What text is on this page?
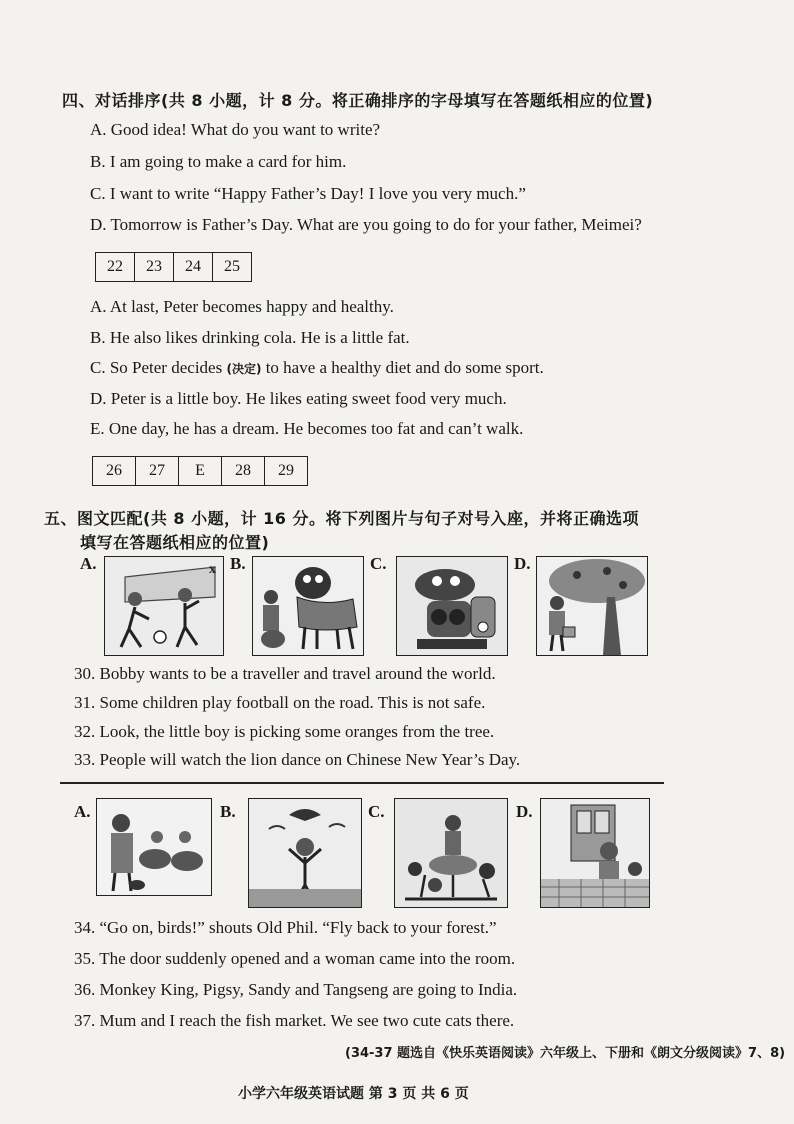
四、对话排序(共 8 小题，计 8 分。将正确排序的字母填写在答题纸相应的位置)
A. Good idea! What do you want to write?
B. I am going to make a card for him.
C. I want to write “Happy Father’s Day! I love you very much.”
D. Tomorrow is Father’s Day. What are you going to do for your father, Meimei?
22	23	24	25
A. At last, Peter becomes happy and healthy.
B. He also likes drinking cola. He is a little fat.
C. So Peter decides (决定) to have a healthy diet and do some sport.
D. Peter is a little boy. He likes eating sweet food very much.
E. One day, he has a dream. He becomes too fat and can’t walk.
26	27	E	28	29
五、图文匹配(共 8 小题，计 16 分。将下列图片与句子对号入座，并将正确选项
填写在答题纸相应的位置)
A.	x B.	C.	D.
30. Bobby wants to be a traveller and travel around the world.
31. Some children play football on the road. This is not safe.
32. Look, the little boy is picking some oranges from the tree.
33. People will watch the lion dance on Chinese New Year’s Day.
A.	B.	C.	D.
34. “Go on, birds!” shouts Old Phil. “Fly back to your forest.”
35. The door suddenly opened and a woman came into the room.
36. Monkey King, Pigsy, Sandy and Tangseng are going to India.
37. Mum and I reach the fish market. We see two cute cats there.
(34-37 题选自《快乐英语阅读》六年级上、下册和《朗文分级阅读》7、8)
小学六年级英语试题 第 3 页 共 6 页
